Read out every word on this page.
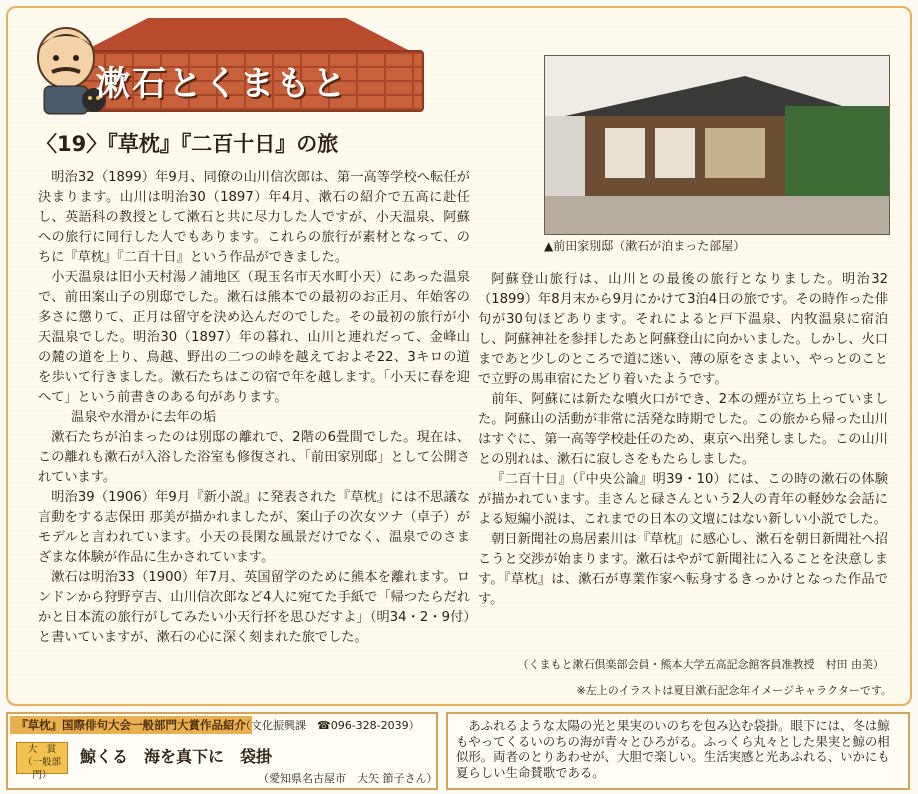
漱石とくまもと
〈19〉『草枕』『二百十日』の旅

明治32（1899）年9月、同僚の山川信次郎は、第一高等学校へ転任が決まります。山川は明治30（1897）年4月、漱石の紹介で五高に赴任し、英語科の教授として漱石と共に尽力した人ですが、小天温泉、阿蘇への旅行に同行した人でもあります。これらの旅行が素材となって、のちに『草枕』『二百十日』という作品ができました。

小天温泉は旧小天村湯ノ浦地区（現玉名市天水町小天）にあった温泉で、前田案山子の別邸でした。漱石は熊本での最初のお正月、年始客の多さに懲りて、正月は留守を決め込んだのでした。その最初の旅行が小天温泉でした。明治30（1897）年の暮れ、山川と連れだって、金峰山の麓の道を上り、鳥越、野出の二つの峠を越えておよそ22、3キロの道を歩いて行きました。漱石たちはこの宿で年を越します。「小天に春を迎へて」という前書きのある句があります。

温泉や水滑かに去年の垢

漱石たちが泊まったのは別邸の離れで、2階の6畳間でした。現在は、この離れも漱石が入浴した浴室も修復され、「前田家別邸」として公開されています。

明治39（1906）年9月『新小説』に発表された『草枕』には不思議な言動をする志保田 那美が描かれましたが、案山子の次女ツナ（卓子）がモデルと言われています。小天の長閑な風景だけでなく、温泉でのさまざまな体験が作品に生かされています。

漱石は明治33（1900）年7月、英国留学のために熊本を離れます。ロンドンから狩野亨吉、山川信次郎など4人に宛てた手紙で「帰つたらだれかと日本流の旅行がしてみたい小天行抔を思ひだすよ」（明34・2・9付）と書いていますが、漱石の心に深く刻まれた旅でした。

▲前田家別邸（漱石が泊まった部屋）

阿蘇登山旅行は、山川との最後の旅行となりました。明治32（1899）年8月末から9月にかけて3泊4日の旅です。その時作った俳句が30句ほどあります。それによると戸下温泉、内牧温泉に宿泊し、阿蘇神社を参拝したあと阿蘇登山に向かいました。しかし、火口まであと少しのところで道に迷い、薄の原をさまよい、やっとのことで立野の馬車宿にたどり着いたようです。

前年、阿蘇には新たな噴火口ができ、2本の煙が立ち上っていました。阿蘇山の活動が非常に活発な時期でした。この旅から帰った山川はすぐに、第一高等学校赴任のため、東京へ出発しました。この山川との別れは、漱石に寂しさをもたらしました。

『二百十日』（『中央公論』明39・10）には、この時の漱石の体験が描かれています。圭さんと碌さんという2人の青年の軽妙な会話による短編小説は、これまでの日本の文壇にはない新しい小説でした。

朝日新聞社の鳥居素川は『草枕』に感心し、漱石を朝日新聞社へ招こうと交渉が始まります。漱石はやがて新聞社に入ることを決意します。『草枕』は、漱石が専業作家へ転身するきっかけとなった作品です。

（くまもと漱石倶楽部会員・熊本大学五高記念館客員准教授　村田 由美）
※左上のイラストは夏目漱石記念年イメージキャラクターです。
『草枕』国際俳句大会一般部門大賞作品紹介
（文化振興課　☎096-328-2039）
大　賞
（一般部門）
鯨くる　海を真下に　袋掛
（愛知県名古屋市　大矢 節子さん）
あふれるような太陽の光と果実のいのちを包み込む袋掛。眼下には、冬は鯨もやってくるいのちの海が青々とひろがる。ふっくら丸々とした果実と鯨の相似形。両者のとりあわせが、大胆で楽しい。生活実感と光あふれる、いかにも夏らしい生命賛歌である。
